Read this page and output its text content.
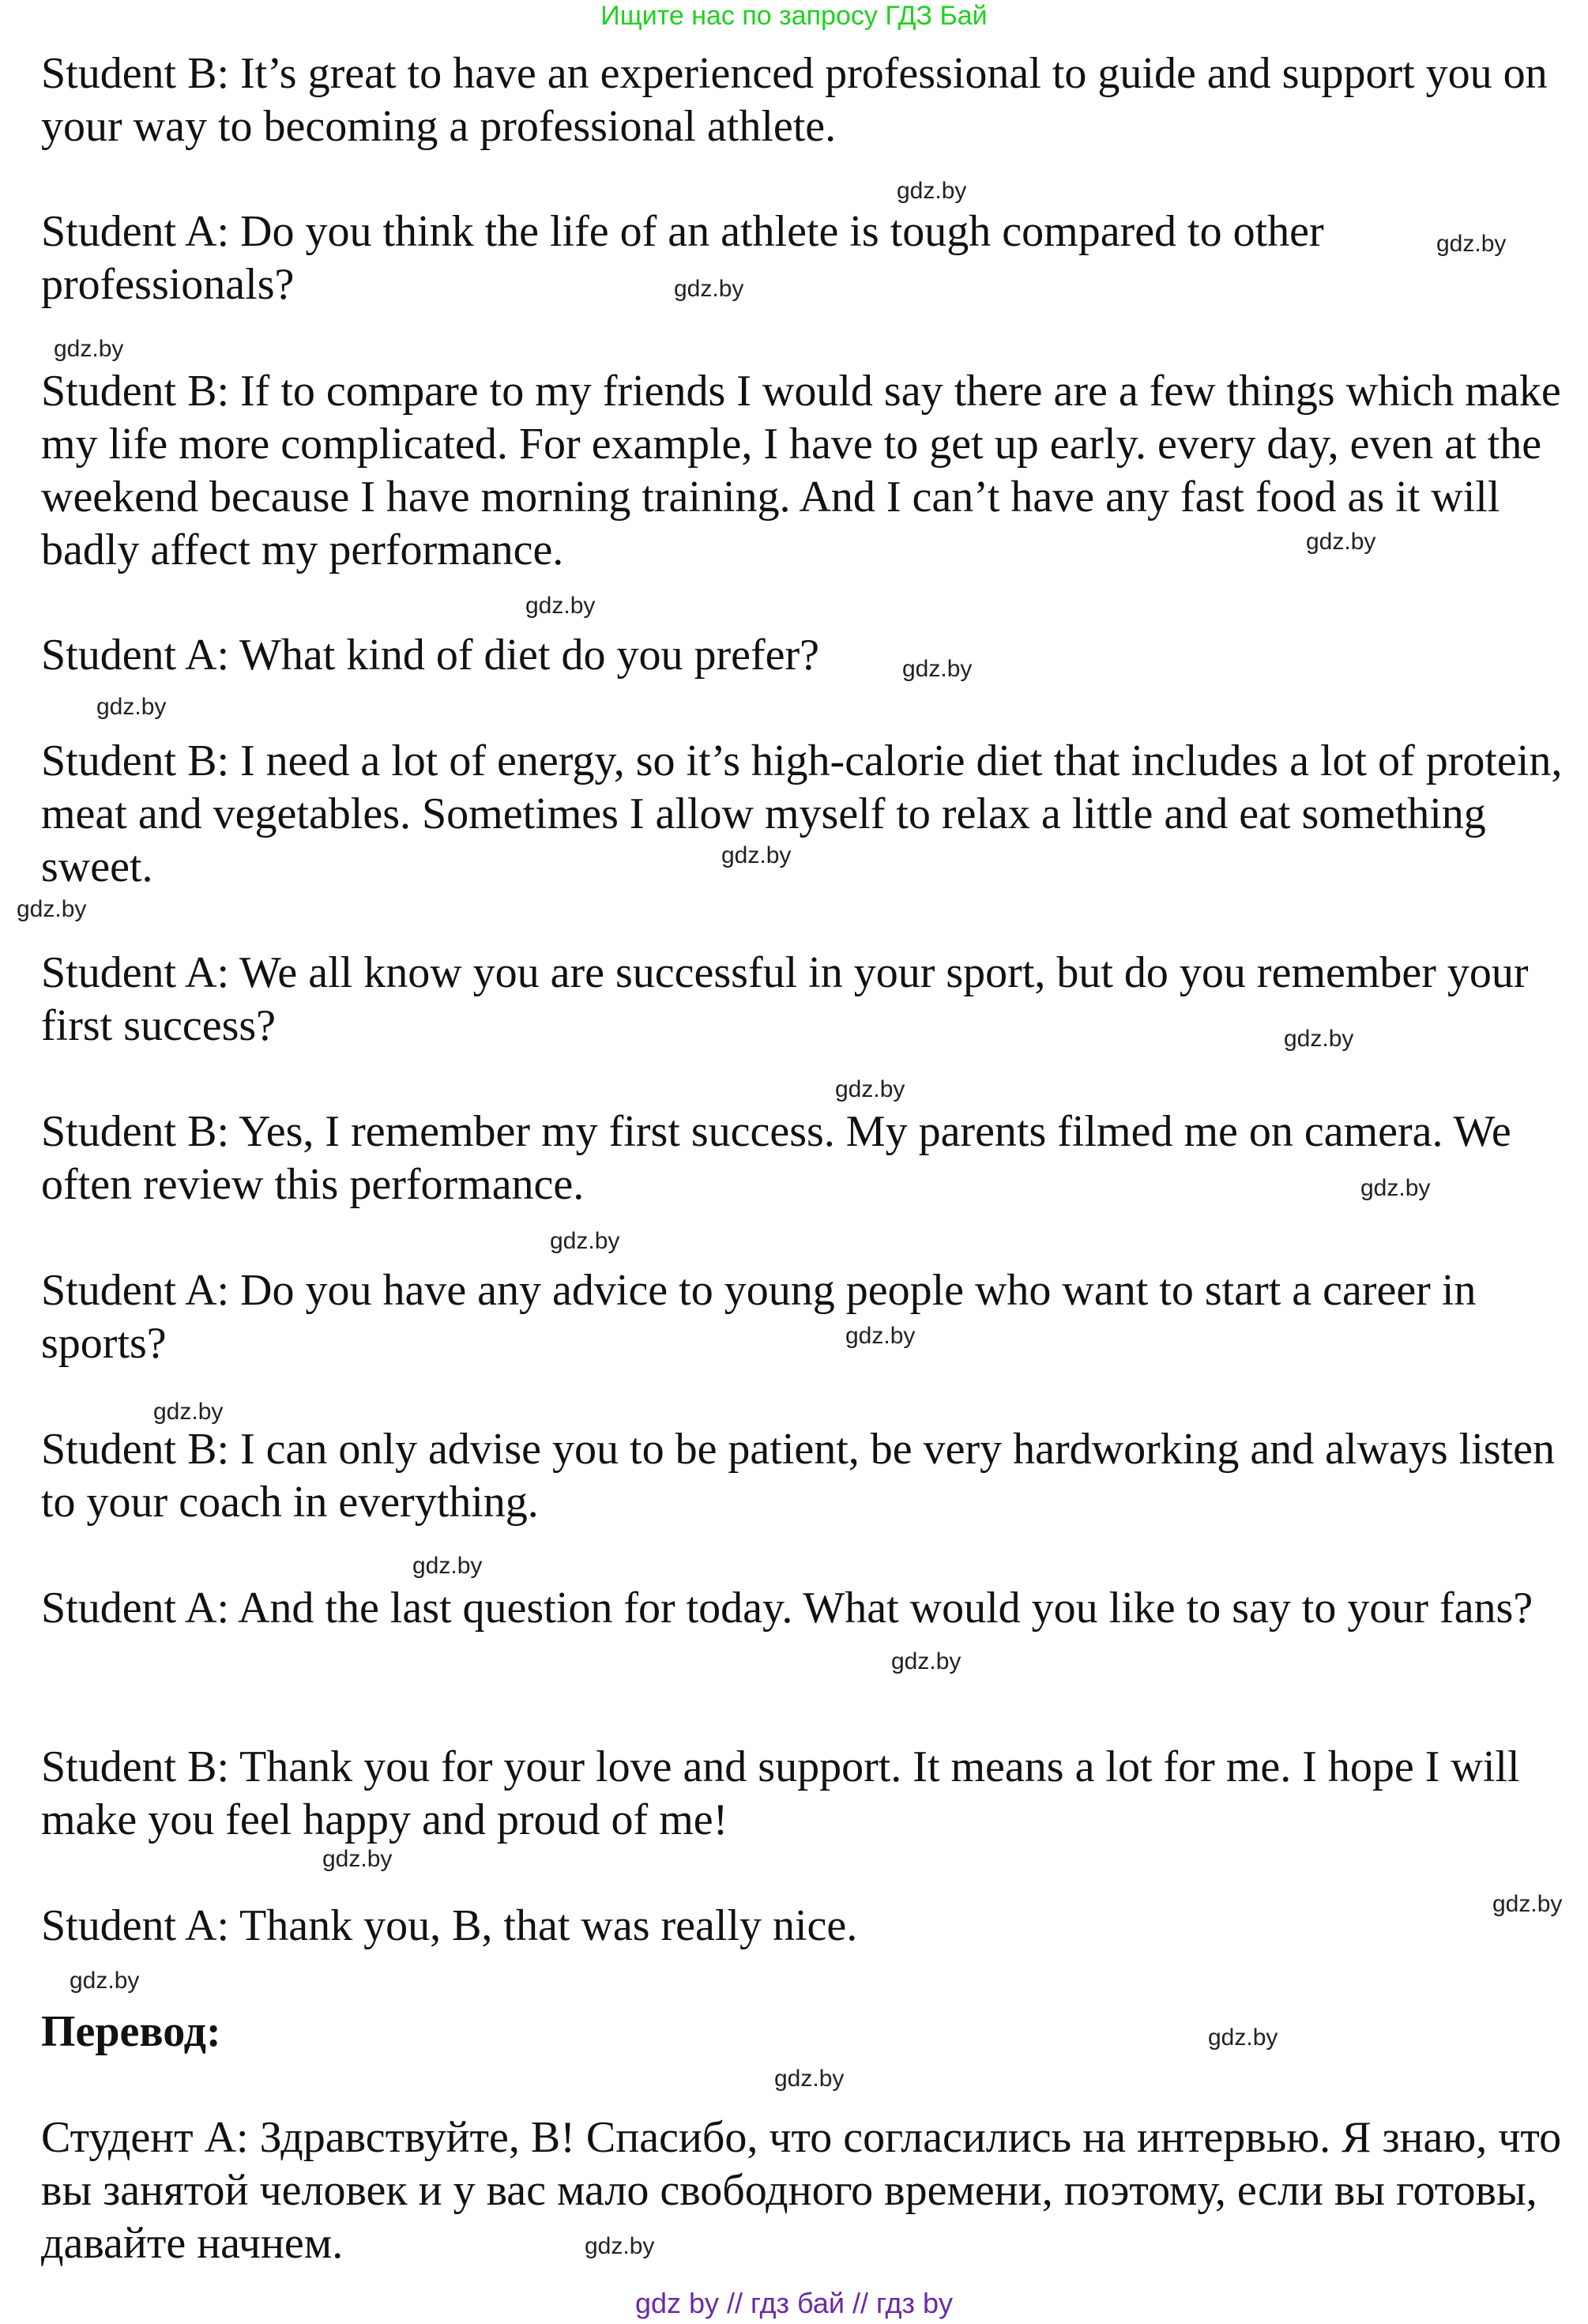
Ищите нас по запросу ГДЗ Бай

Student B: It’s great to have an experienced professional to guide and support you on your way to becoming a professional athlete.

Student A: Do you think the life of an athlete is tough compared to other professionals?

Student B: If to compare to my friends I would say there are a few things which make my life more complicated. For example, I have to get up early. every day, even at the weekend because I have morning training. And I can’t have any fast food as it will badly affect my performance.

Student A: What kind of diet do you prefer?

Student B: I need a lot of energy, so it’s high-calorie diet that includes a lot of protein, meat and vegetables. Sometimes I allow myself to relax a little and eat something sweet.

Student A: We all know you are successful in your sport, but do you remember your first success?

Student B: Yes, I remember my first success. My parents filmed me on camera. We often review this performance.

Student A: Do you have any advice to young people who want to start a career in sports?

Student B: I can only advise you to be patient, be very hardworking and always listen to your coach in everything.

Student A: And the last question for today. What would you like to say to your fans?

Student B: Thank you for your love and support. It means a lot for me. I hope I will make you feel happy and proud of me!

Student A: Thank you, B, that was really nice.

Перевод:

Студент А: Здравствуйте, В! Спасибо, что согласились на интервью. Я знаю, что вы занятой человек и у вас мало свободного времени, поэтому, если вы готовы, давайте начнем.

gdz.by
gdz.by
gdz.by
gdz.by
gdz.by
gdz.by
gdz.by
gdz.by
gdz.by
gdz.by
gdz.by
gdz.by
gdz.by
gdz.by
gdz.by
gdz.by
gdz.by
gdz.by
gdz.by
gdz.by
gdz.by
gdz.by
gdz.by
gdz.by
gdz by // гдз бай // гдз by
